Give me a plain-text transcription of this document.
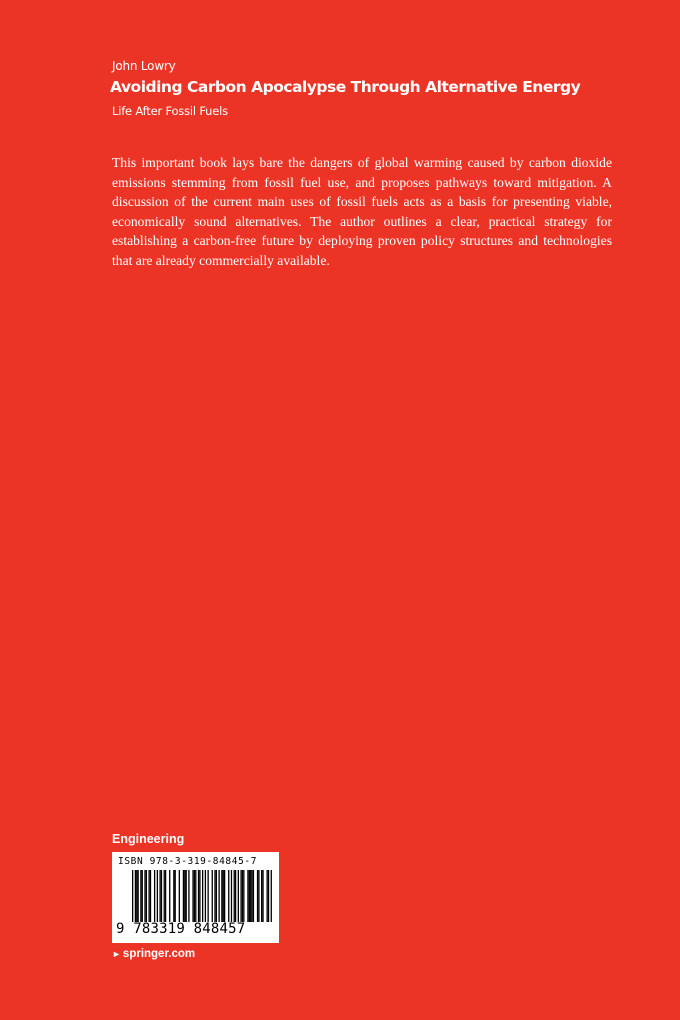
John Lowry
Avoiding Carbon Apocalypse Through Alternative Energy
Life After Fossil Fuels
This important book lays bare the dangers of global warming caused by carbon dioxide
emissions stemming from fossil fuel use, and proposes pathways toward mitigation. A
discussion of the current main uses of fossil fuels acts as a basis for presenting viable,
economically sound alternatives. The author outlines a clear, practical strategy for
establishing a carbon-free future by deploying proven policy structures and technologies
that are already commercially available.
Engineering
ISBN 978-3-319-84845-7
9 783319 848457
► springer.com
